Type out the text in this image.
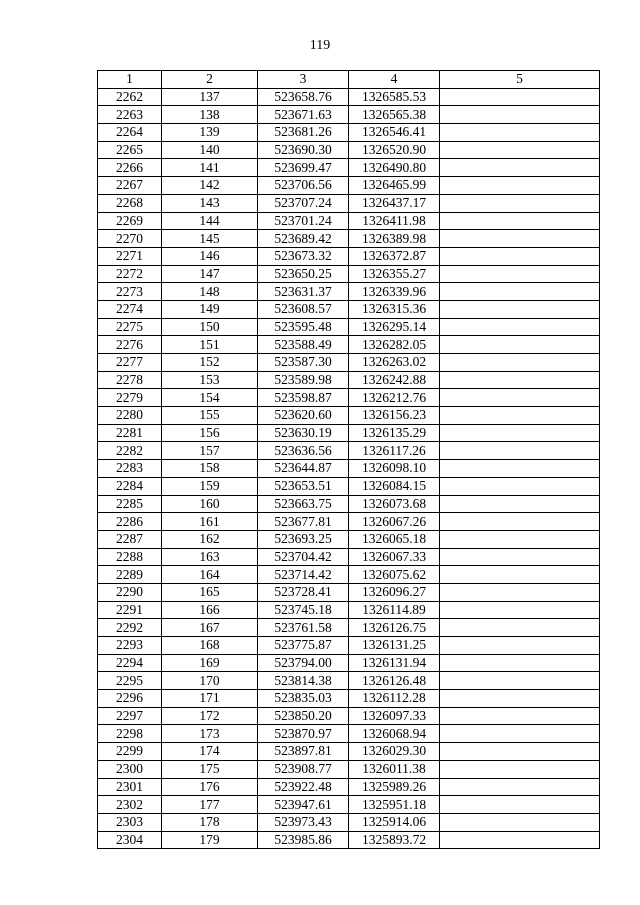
119
1	2	3	4	5
2262	137	523658.76	1326585.53	
2263	138	523671.63	1326565.38	
2264	139	523681.26	1326546.41	
2265	140	523690.30	1326520.90	
2266	141	523699.47	1326490.80	
2267	142	523706.56	1326465.99	
2268	143	523707.24	1326437.17	
2269	144	523701.24	1326411.98	
2270	145	523689.42	1326389.98	
2271	146	523673.32	1326372.87	
2272	147	523650.25	1326355.27	
2273	148	523631.37	1326339.96	
2274	149	523608.57	1326315.36	
2275	150	523595.48	1326295.14	
2276	151	523588.49	1326282.05	
2277	152	523587.30	1326263.02	
2278	153	523589.98	1326242.88	
2279	154	523598.87	1326212.76	
2280	155	523620.60	1326156.23	
2281	156	523630.19	1326135.29	
2282	157	523636.56	1326117.26	
2283	158	523644.87	1326098.10	
2284	159	523653.51	1326084.15	
2285	160	523663.75	1326073.68	
2286	161	523677.81	1326067.26	
2287	162	523693.25	1326065.18	
2288	163	523704.42	1326067.33	
2289	164	523714.42	1326075.62	
2290	165	523728.41	1326096.27	
2291	166	523745.18	1326114.89	
2292	167	523761.58	1326126.75	
2293	168	523775.87	1326131.25	
2294	169	523794.00	1326131.94	
2295	170	523814.38	1326126.48	
2296	171	523835.03	1326112.28	
2297	172	523850.20	1326097.33	
2298	173	523870.97	1326068.94	
2299	174	523897.81	1326029.30	
2300	175	523908.77	1326011.38	
2301	176	523922.48	1325989.26	
2302	177	523947.61	1325951.18	
2303	178	523973.43	1325914.06	
2304	179	523985.86	1325893.72	
